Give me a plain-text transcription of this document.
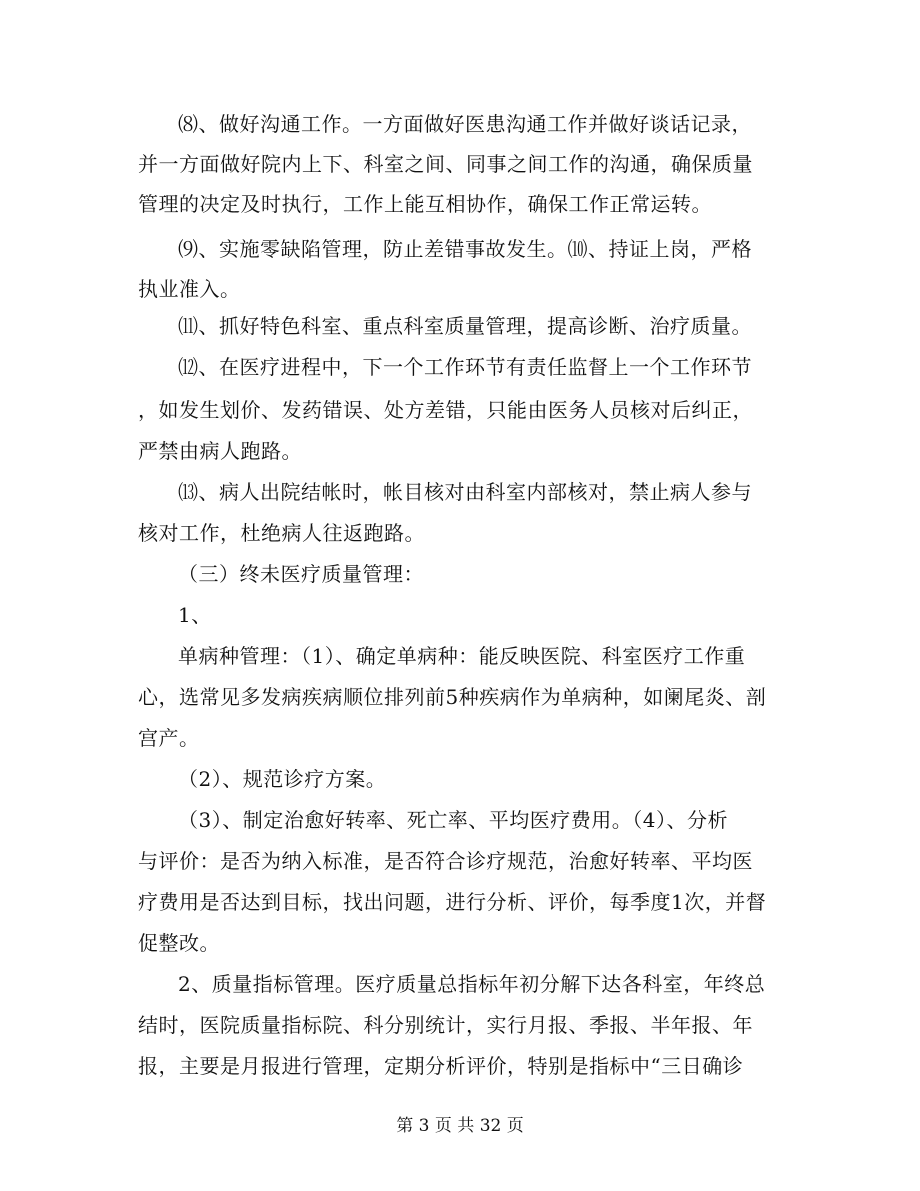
⑻、做好沟通工作。一方面做好医患沟通工作并做好谈话记录，
并一方面做好院内上下、科室之间、同事之间工作的沟通，确保质量
管理的决定及时执行，工作上能互相协作，确保工作正常运转。
⑼、实施零缺陷管理，防止差错事故发生。⑽、持证上岗，严格
执业准入。
⑾、抓好特色科室、重点科室质量管理，提高诊断、治疗质量。
⑿、在医疗进程中，下一个工作环节有责任监督上一个工作环节
，如发生划价、发药错误、处方差错，只能由医务人员核对后纠正，
严禁由病人跑路。
⒀、病人出院结帐时，帐目核对由科室内部核对，禁止病人参与
核对工作，杜绝病人往返跑路。
（三）终未医疗质量管理：
1、
单病种管理：（1）、确定单病种：能反映医院、科室医疗工作重
心，选常见多发病疾病顺位排列前5种疾病作为单病种，如阑尾炎、剖
宫产。
（2）、规范诊疗方案。
（3）、制定治愈好转率、死亡率、平均医疗费用。（4）、分析
与评价：是否为纳入标准，是否符合诊疗规范，治愈好转率、平均医
疗费用是否达到目标，找出问题，进行分析、评价，每季度1次，并督
促整改。
2、质量指标管理。医疗质量总指标年初分解下达各科室，年终总
结时，医院质量指标院、科分别统计，实行月报、季报、半年报、年
报，主要是月报进行管理，定期分析评价，特别是指标中“三日确诊
第 3 页 共 32 页
